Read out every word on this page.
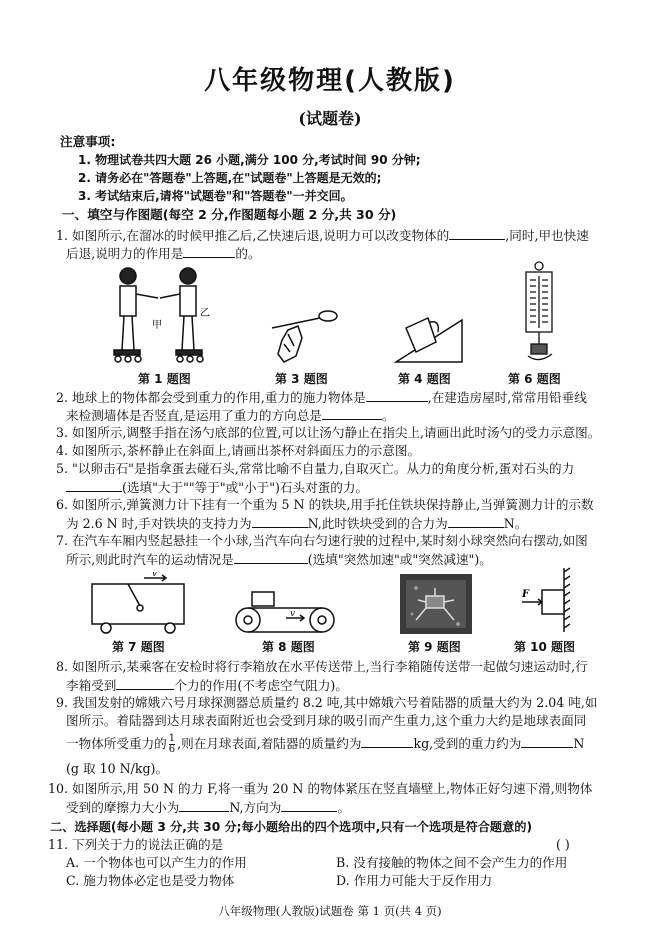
八年级物理(人教版)
(试题卷)
注意事项:
1. 物理试卷共四大题 26 小题,满分 100 分,考试时间 90 分钟;
2. 请务必在"答题卷"上答题,在"试题卷"上答题是无效的;
3. 考试结束后,请将"试题卷"和"答题卷"一并交回。
一、填空与作图题(每空 2 分,作图题每小题 2 分,共 30 分)
1. 如图所示,在溜冰的时候甲推乙后,乙快速后退,说明力可以改变物体的	,同时,甲也快速
后退,说明力的作用是	的。
甲
乙
第 1 题图	第 3 题图	第 4 题图	第 6 题图
2. 地球上的物体都会受到重力的作用,重力的施力物体是	,在建造房屋时,常常用铅垂线
来检测墙体是否竖直,是运用了重力的方向总是	。
3. 如图所示,调整手指在汤勺底部的位置,可以让汤勺静止在指尖上,请画出此时汤勺的受力示意图。
4. 如图所示,茶杯静止在斜面上,请画出茶杯对斜面压力的示意图。
5. "以卵击石"是指拿蛋去碰石头,常常比喻不自量力,自取灭亡。从力的角度分析,蛋对石头的力
(选填"大于""等于"或"小于")石头对蛋的力。
6. 如图所示,弹簧测力计下挂有一个重为 5 N 的铁块,用手托住铁块保持静止,当弹簧测力计的示数
为 2.6 N 时,手对铁块的支持力为	N,此时铁块受到的合力为	N。
7. 在汽车车厢内竖起悬挂一个小球,当汽车向右匀速行驶的过程中,某时刻小球突然向右摆动,如图
所示,则此时汽车的运动情况是	(选填"突然加速"或"突然减速")。
v
第 7 题图
v
第 8 题图	第 9 题图
F
第 10 题图
8. 如图所示,某乘客在安检时将行李箱放在水平传送带上,当行李箱随传送带一起做匀速运动时,行
李箱受到	个力的作用(不考虑空气阻力)。
9. 我国发射的嫦娥六号月球探测器总质量约 8.2 吨,其中嫦娥六号着陆器的质量大约为 2.04 吨,如
图所示。着陆器到达月球表面附近也会受到月球的吸引而产生重力,这个重力大约是地球表面同
一物体所受重力的 $\frac{1}{6}$ ,则在月球表面,着陆器的质量约为	kg,受到的重力约为	N
(g 取 10 N/kg)。
10. 如图所示,用 50 N 的力 F,将一重为 20 N 的物体紧压在竖直墙壁上,物体正好匀速下滑,则物体
受到的摩擦力大小为	N,方向为	。
二、选择题(每小题 3 分,共 30 分;每小题给出的四个选项中,只有一个选项是符合题意的)
11. 下列关于力的说法正确的是	( )
A. 一个物体也可以产生力的作用	B. 没有接触的物体之间不会产生力的作用
C. 施力物体必定也是受力物体	D. 作用力可能大于反作用力
八年级物理(人教版)试题卷 第 1 页(共 4 页)
